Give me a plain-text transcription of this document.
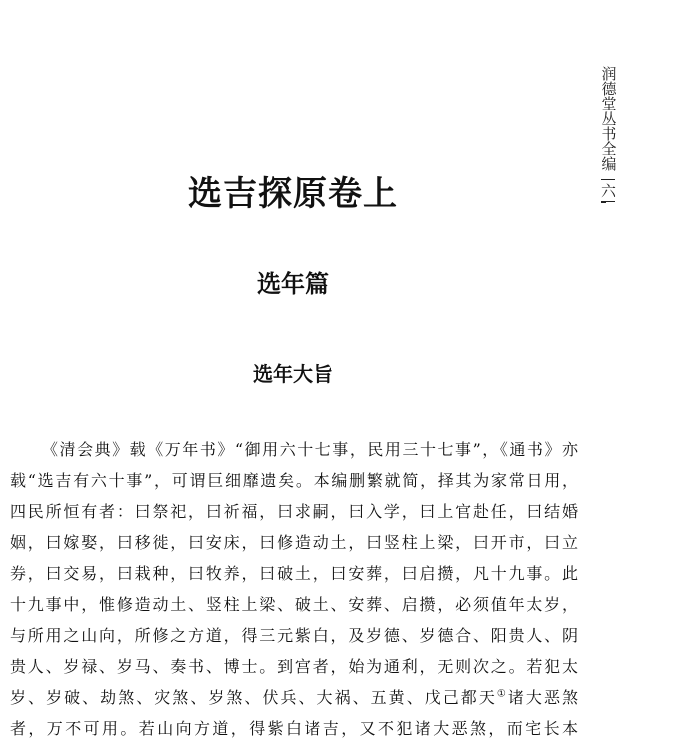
润德堂丛书全编
六
选吉探原卷上
选年篇
选年大旨
《清会典》载《万年书》“御用六十七事，民用三十七事”，《通书》亦
载“选吉有六十事”，可谓巨细靡遗矣。本编删繁就简，择其为家常日用，
四民所恒有者：曰祭祀，曰祈福，曰求嗣，曰入学，曰上官赴任，曰结婚
姻，曰嫁娶，曰移徙，曰安床，曰修造动土，曰竖柱上梁，曰开市，曰立
券，曰交易，曰栽种，曰牧养，曰破土，曰安葬，曰启攒，凡十九事。此
十九事中，惟修造动土、竖柱上梁、破土、安葬、启攒，必须值年太岁，
与所用之山向，所修之方道，得三元紫白，及岁德、岁德合、阳贵人、阴
贵人、岁禄、岁马、奏书、博士。到宫者，始为通利，无则次之。若犯太
岁、岁破、劫煞、灾煞、岁煞、伏兵、大祸、五黄、戊己都天①诸大恶煞
者，万不可用。若山向方道，得紫白诸吉，又不犯诸大恶煞，而宅长本
